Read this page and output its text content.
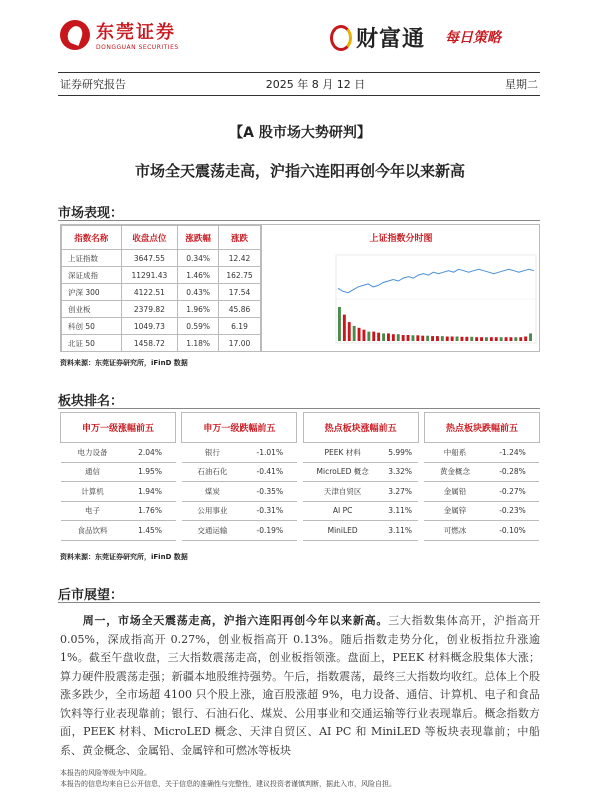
东莞证券
DONGGUAN SECURITIES	财富通	每日策略
证券研究报告	2025 年 8 月 12 日	星期二
【A 股市场大势研判】
市场全天震荡走高，沪指六连阳再创今年以来新高
市场表现：
指数名称	收盘点位	涨跌幅	涨跌
上证指数	3647.55	0.34%	12.42
深证成指	11291.43	1.46%	162.75
沪深 300	4122.51	0.43%	17.54
创业板	2379.82	1.96%	45.86
科创 50	1049.73	0.59%	6.19
北证 50	1458.72	1.18%	17.00
上证指数分时图
资料来源：东莞证券研究所，iFinD 数据
板块排名：
申万一级涨幅前五	
电力设备	2.04%
通信	1.95%
计算机	1.94%
电子	1.76%
食品饮料	1.45%
申万一级跌幅前五	
银行	-1.01%
石油石化	-0.41%
煤炭	-0.35%
公用事业	-0.31%
交通运输	-0.19%
热点板块涨幅前五	
PEEK 材料	5.99%
MicroLED 概念	3.32%
天津自贸区	3.27%
AI PC	3.11%
MiniLED	3.11%
热点板块跌幅前五	
中船系	-1.24%
黄金概念	-0.28%
金属铅	-0.27%
金属锌	-0.23%
可燃冰	-0.10%
资料来源：东莞证券研究所，iFinD 数据
后市展望：
周一，市场全天震荡走高，沪指六连阳再创今年以来新高。三大指数集体高开，沪指高开 0.05%，深成指高开 0.27%，创业板指高开 0.13%。随后指数走势分化，创业板指拉升涨逾 1%。截至午盘收盘，三大指数震荡走高，创业板指领涨。盘面上，PEEK 材料概念股集体大涨；算力硬件股震荡走强；新疆本地股维持强势。午后，指数震荡，最终三大指数均收红。总体上个股涨多跌少，全市场超 4100 只个股上涨，逾百股涨超 9%，电力设备、通信、计算机、电子和食品饮料等行业表现靠前；银行、石油石化、煤炭、公用事业和交通运输等行业表现靠后。概念指数方面，PEEK 材料、MicroLED 概念、天津自贸区、AI PC 和 MiniLED 等板块表现靠前；中船系、黄金概念、金属铅、金属锌和可燃冰等板块
本报告的风险等级为中风险。
本报告的信息均来自已公开信息，关于信息的准确性与完整性，建议投资者谨慎判断，据此入市，风险自担。
